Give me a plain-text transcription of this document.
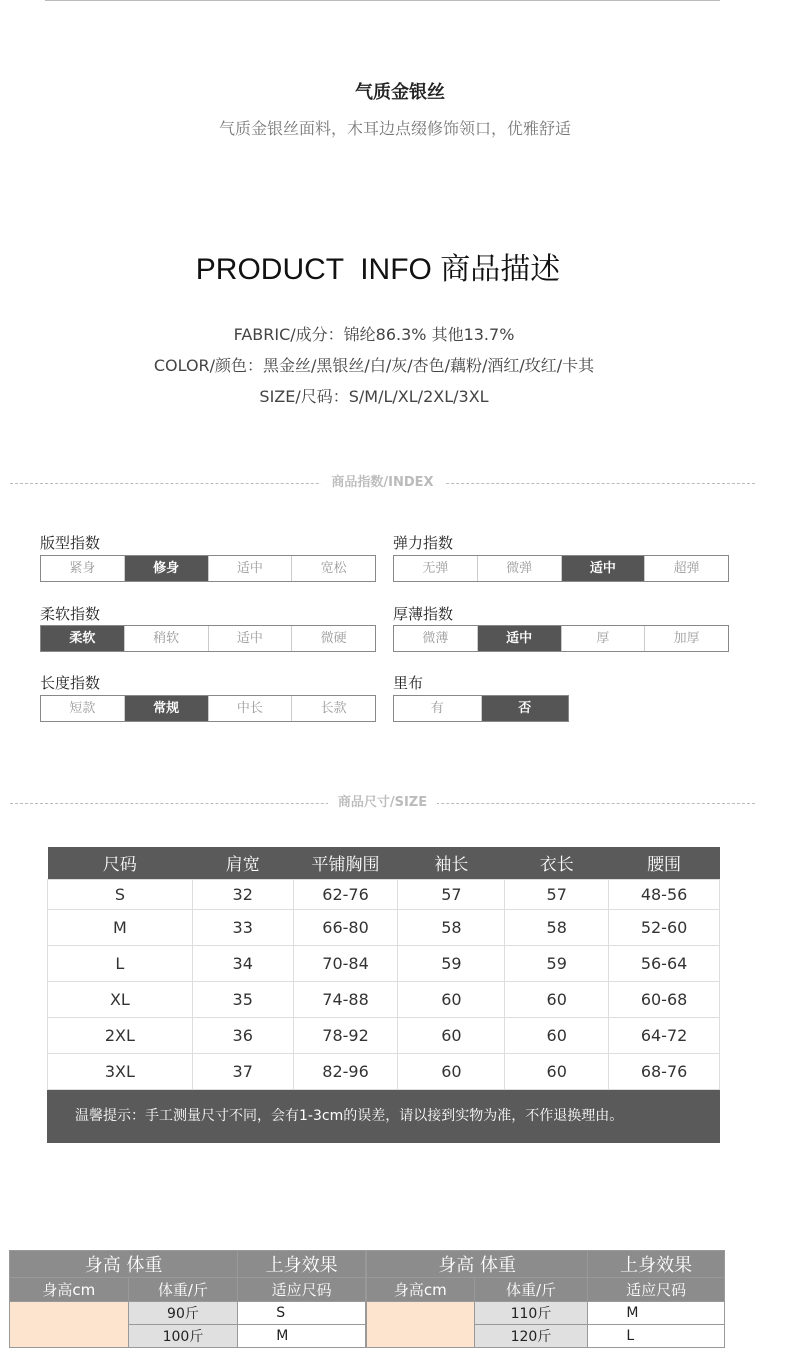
气质金银丝
气质金银丝面料，木耳边点缀修饰领口，优雅舒适
PRODUCT  INFO 商品描述
FABRIC/成分：锦纶86.3% 其他13.7%
COLOR/颜色：黑金丝/黑银丝/白/灰/杏色/藕粉/酒红/玫红/卡其
SIZE/尺码：S/M/L/XL/2XL/3XL
商品指数/INDEX
版型指数
紧身	修身	适中	宽松
弹力指数
无弹	微弹	适中	超弹
柔软指数
柔软	稍软	适中	微硬
厚薄指数
微薄	适中	厚	加厚
长度指数
短款	常规	中长	长款
里布
有	否
商品尺寸/SIZE
尺码	肩宽	平铺胸围	袖长	衣长	腰围
S	32	62-76	57	57	48-56
M	33	66-80	58	58	52-60
L	34	70-84	59	59	56-64
XL	35	74-88	60	60	60-68
2XL	36	78-92	60	60	64-72
3XL	37	82-96	60	60	68-76
温馨提示：手工测量尺寸不同，会有1-3cm的误差，请以接到实物为准，不作退换理由。
身高 体重		上身效果
身高cm	体重/斤	适应尺码
	90斤	S
	100斤	M
身高 体重		上身效果
身高cm	体重/斤	适应尺码
	110斤	M
	120斤	L
